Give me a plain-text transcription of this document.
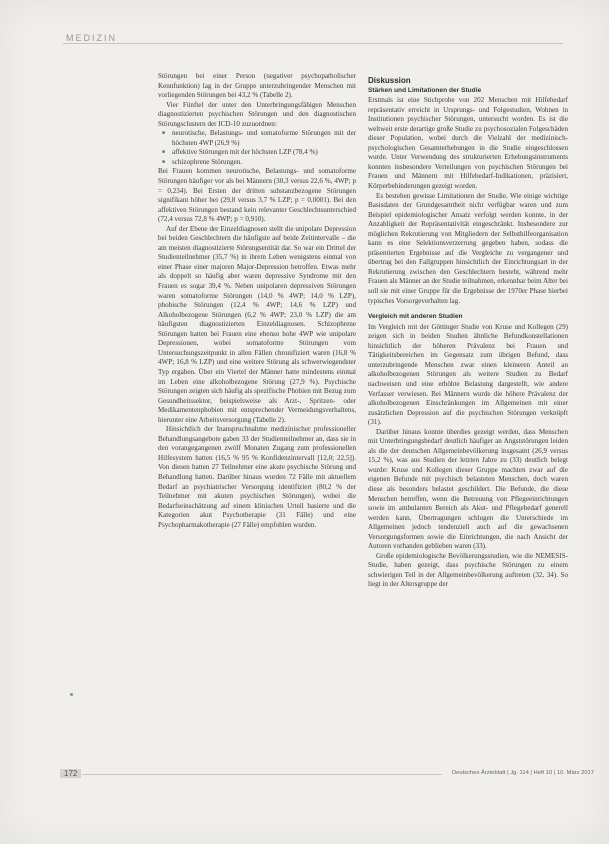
MEDIZIN

Störungen bei einer Person (negativer psychopatholischer Kennfunktion) lag in der Gruppe unterzubringender Menschen mit vorliegenden Störungen bei 43,2 % (Tabelle 2).

Vier Fünftel der unter den Unterbringungsfähigen Menschen diagnostizierten psychischen Störungen und den diagnostischen Störungsclustern der ICD-10 zuzuordnen:

■ neurotische, Belastungs- und somatoforme Störungen mit der höchsten 4WP (26,9 %)
■ affektive Störungen mit der höchsten LZP (78,4 %)
■ schizophrene Störungen.

Bei Frauen kommen neurotische, Belastungs- und somatoforme Störungen häufiger vor als bei Männern (30,3 versus 22,6 %, 4WP; p = 0,234). Bei Ersten der dritten substanzbezogene Störungen signifikant höher bei (29,8 versus 3,7 % LZP; p = 0,0001). Bei den affektiven Störungen bestand kein relevanter Geschlechtsunterschied (72,4 versus 72,8 % 4WP; p = 0,910).

Auf der Ebene der Einzeldiagnosen stellt die unipolare Depression bei beiden Geschlechtern die häufigste auf beide Zeitintervalle – die am meisten diagnostizierte Störungsentität dar. So war ein Drittel der Studienteilnehmer (35,7 %) in ihrem Leben wenigstens einmal von einer Phase einer majoren Major-Depression betroffen. Etwas mehr als doppelt so häufig aber waren depressive Syndrome mit den Frauen es sogar 39,4 %. Neben unipolaren depressiven Störungen waren somatoforme Störungen (14,0 % 4WP; 14,0 % LZP), phobische Störungen (12,4 % 4WP; 14,6 % LZP) und Alkoholbezogene Störungen (6,2 % 4WP; 23,0 % LZP) die am häufigsten diagnostizierten Einzeldiagnosen. Schizophrene Störungen hatten bei Frauen eine ebenso hohe 4WP wie unipolare Depressionen, wobei somatoforme Störungen vom Untersuchungszeitpunkt in allen Fällen chronifiziert waren (16,8 % 4WP; 16,8 % LZP) und eine weitere Störung als schwerwiegendster Typ ergaben. Über ein Viertel der Männer hatte mindestens einmal im Leben eine alkoholbezogene Störung (27,9 %). Psychische Störungen zeigten sich häufig als spezifische Phobien mit Bezug zum Gesundheitssektor, beispielsweise als Arzt-, Spritzen- oder Medikamentenphobien mit entsprechender Vermeidungsverhaltens, hierunter eine Arbeitsversorgung (Tabelle 2).

Hinsichtlich der Inanspruchnahme medizinischer professioneller Behandlungsangebote gaben 33 der Studienteilnehmer an, dass sie in den vorangegangenen zwölf Monaten Zugang zum professionellen Hilfesystem hatten (16,5 % 95 % Konfidenzintervall [12,0; 22,5]). Von diesen hatten 27 Teilnehmer eine akute psychische Störung und Behandlung hatten. Darüber hinaus wurden 72 Fälle mit aktuellem Bedarf an psychiatrischer Versorgung identifiziert (80,2 % der Teilnehmer mit akuten psychischen Störungen), wobei die Bedarfseinschätzung auf einem klinischen Urteil basierte und die Kategorien akut Psychotherapie (31 Fälle) und eine Psychopharmakotherapie (27 Fälle) empfohlen wurden.

Diskussion
Stärken und Limitationen der Studie

Erstmals ist eine Stichprobe von 202 Menschen mit Hilfebedarf repräsentativ erreicht in Ursprungs- und Folgestudien, Wohnen in Institutionen psychischer Störungen, untersucht worden. Es ist die weltweit erste derartige große Studie zu psychosozialen Folgeschäden dieser Population, wobei durch die Vielzahl der medizinisch-psychologischen Gesamterhebungen in die Studie eingeschlossen wurde. Unter Verwendung des strukturierten Erhebungsinstruments konnten insbesondere Verteilungen von psychischen Störungen bei Frauen und Männern mit Hilfebedarf-Indikationen, präzisiert, Körperbehinderungen gezeigt worden.

Es bestehen gewisse Limitationen der Studie. Wie einige wichtige Basisdaten der Grundgesamtheit nicht verfügbar waren und zum Beispiel epidemiologischer Ansatz verfolgt werden konnte, in der Anzahligkeit der Repräsentativität eingeschränkt. Insbesondere zur möglichen Rekrutierung von Mitgliedern der Selbsthilfeorganisation kann es eine Selektionsverzerrung gegeben haben, sodass die präsentierten Ergebnisse auf die Vergleiche zu vergangener und übertrag bei den Fallgruppen hinsichtlich der Einrichtungsart in der Rekrutierung zwischen den Geschlechtern besteht, während mehr Frauen als Männer an der Studie teilnahmen, erkennbar beim Alter bei soll sie mit einer Gruppe für die Ergebnisse der 1970er Phase hierbei typisches Vorsorgeverhalten lag.

Vergleich mit anderen Studien

Im Vergleich mit der Göttinger Studie von Kruse und Kollegen (29) zeigen sich in beiden Studien ähnliche Befundkonstellationen hinsichtlich der höheren Prävalenz bei Frauen und Tätigkeitsbereichen im Gegensatz zum übrigen Befund, dass unterzubringende Menschen zwar einen kleineren Anteil an alkoholbezogenen Störungen als weitere Studien zu Bedarf nachweisen und eine erhöhte Belastung dargestellt, wie andere Verfasser verwiesen. Bei Männern wurde die höhere Prävalenz der alkoholbezogenen Einschränkungen im Allgemeinen mit einer zusätzlichen Depression auf die psychischen Störungen verknüpft (31).

Darüber hinaus konnte überdies gezeigt werden, dass Menschen mit Unterbringungsbedarf deutlich häufiger an Angststörungen leiden als die der deutschen Allgemeinbevölkerung insgesamt (26,9 versus 15,2 %), was aus Studien der letzten Jahre zu (33) deutlich belegt wurde: Kruse und Kollegen dieser Gruppe machten zwar auf die eigenen Befunde mit psychisch belasteten Menschen, doch waren diese als besonders belastet geschildert. Die Befunde, die diese Menschen betreffen, wenn die Betreuung von Pflegeeinrichtungen sowie im ambulanten Bereich als Akut- und Pflegebedarf generell werden kann, Übertragungen schlugen die Unterschiede im Allgemeinen jedoch tendenziell auch auf die gewachsenen Versorgungsformen sowie die Einrichtungen, die nach Ansicht der Autoren vorhanden geblieben waren (33).

Große epidemiologische Bevölkerungsstudien, wie die NEMESIS-Studie, haben gezeigt, dass psychische Störungen zu einem schwierigen Teil in der Allgemeinbevölkerung auftreten (32, 34). So liegt in der Altersgruppe der

172	Deutsches Ärzteblatt | Jg. 114 | Heft 10 | 10. März 2017
